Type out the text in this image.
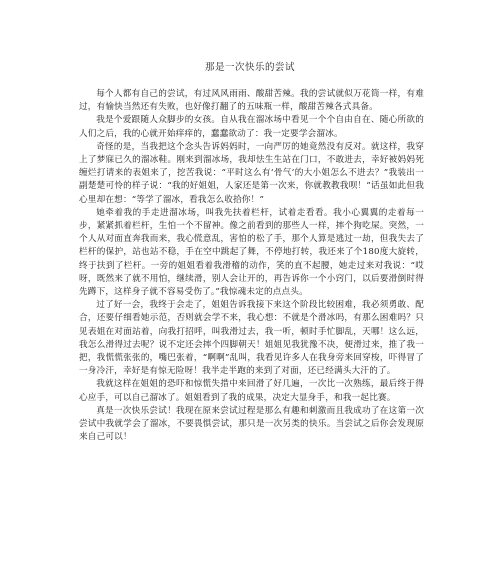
那是一次快乐的尝试

每个人都有自己的尝试，有过风风雨雨、酸甜苦辣。我的尝试就似万花筒一样，有难过，有愉快当然还有失败，也好像打翻了的五味瓶一样，酸甜苦辣各式具备。

我是个爱跟随人众脚步的女孩。自从我在溜冰场中看见一个个自由自在、随心所欲的人们之后，我的心就开始痒痒的，蠢蠢欲动了：我一定要学会溜冰。

奇怪的是，当我把这个念头告诉妈妈时，一向严厉的她竟然没有反对。就这样，我穿上了梦寐已久的溜冰鞋。刚来到溜冰场，我却怯生生站在门口，不敢进去，幸好被妈妈死缠烂打请来的表姐来了，挖苦我说：“平时这么有‘骨气’的大小姐怎么不进去？”我装出一副楚楚可怜的样子说：“我的好姐姐，人家还是第一次来，你就教教我呗！”话虽如此但我心里却在想：“等学了溜冰，看我怎么收拾你！”

她牵着我的手走进溜冰场，叫我先扶着栏杆，试着走看看。我小心翼翼的走着每一步，紧紧抓着栏杆，生怕一个不留神。像之前看到的那些人一样，摔个狗吃屎。突然，一个人从对面直奔我而来，我心慌意乱，害怕的松了手，那个人算是逃过一劫，但我失去了栏杆的保护，站也站不稳，手在空中跳起了舞，不停地打转，我还来了个180度大旋转，终于扶到了栏杆。一旁的姐姐看着我滑稽的动作，笑的直不起腰，她走过来对我说：“哎呀，既然来了就不用怕，继续滑，别人会让开的，再告诉你一个小窍门，以后要滑倒时得先蹲下，这样身子就不容易受伤了。”我惊魂未定的点点头。

过了好一会，我终于会走了，姐姐告诉我接下来这个阶段比较困难，我必须勇敢、配合，还要仔细看她示范，否则就会学不来，我心想：不就是个滑冰吗，有那么困难吗？只见表姐在对面站着，向我打招呼，叫我滑过去，我一听，顿时手忙脚乱，天哪！这么远，我怎么滑得过去呢？说不定还会摔个四脚朝天！姐姐见我犹豫不决，便滑过来，推了我一把，我慌慌张张的，嘴巴张着，“啊啊”乱叫，我看见许多人在我身旁来回穿梭，吓得冒了一身冷汗，幸好是有惊无险呀！我半走半跑的来到了对面，还已经满头大汗的了。

我就这样在姐姐的恐吓和惊慌失措中来回滑了好几遍，一次比一次熟练，最后终于得心应手，可以自己溜冰了。姐姐看到了我的成果，决定大显身手，和我一起比赛。

真是一次快乐尝试！我现在原来尝试过程是那么有趣和刺激而且我成功了在这第一次尝试中我就学会了溜冰，不要畏惧尝试，那只是一次另类的快乐。当尝试之后你会发现原来自己可以！
